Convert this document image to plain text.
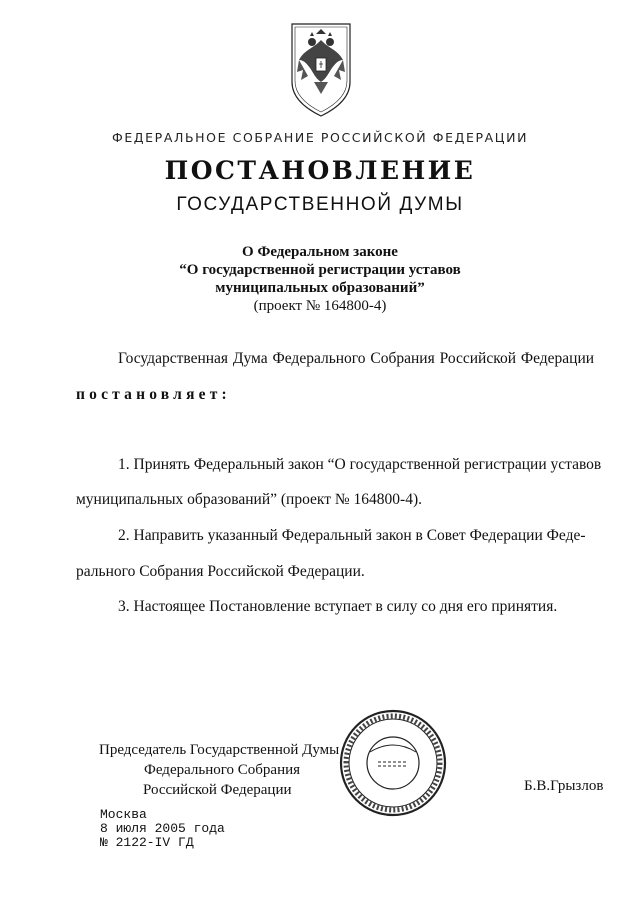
ФЕДЕРАЛЬНОЕ СОБРАНИЕ РОССИЙСКОЙ ФЕДЕРАЦИИ
ПОСТАНОВЛЕНИЕ
ГОСУДАРСТВЕННОЙ ДУМЫ
О Федеральном законе
“О государственной регистрации уставов
муниципальных образований”
(проект № 164800-4)
Государственная Дума Федерального Собрания Российской Федерации
постановляет:
1. Принять Федеральный закон “О государственной регистрации уставов
муниципальных образований” (проект № 164800-4).
2. Направить указанный Федеральный закон в Совет Федерации Феде-
рального Собрания Российской Федерации.
3. Настоящее Постановление вступает в силу со дня его принятия.
Председатель Государственной Думы
Федерального Собрания
Российской Федерации	Б.В.Грызлов
Москва
8 июля 2005 года
№ 2122-IV ГД
